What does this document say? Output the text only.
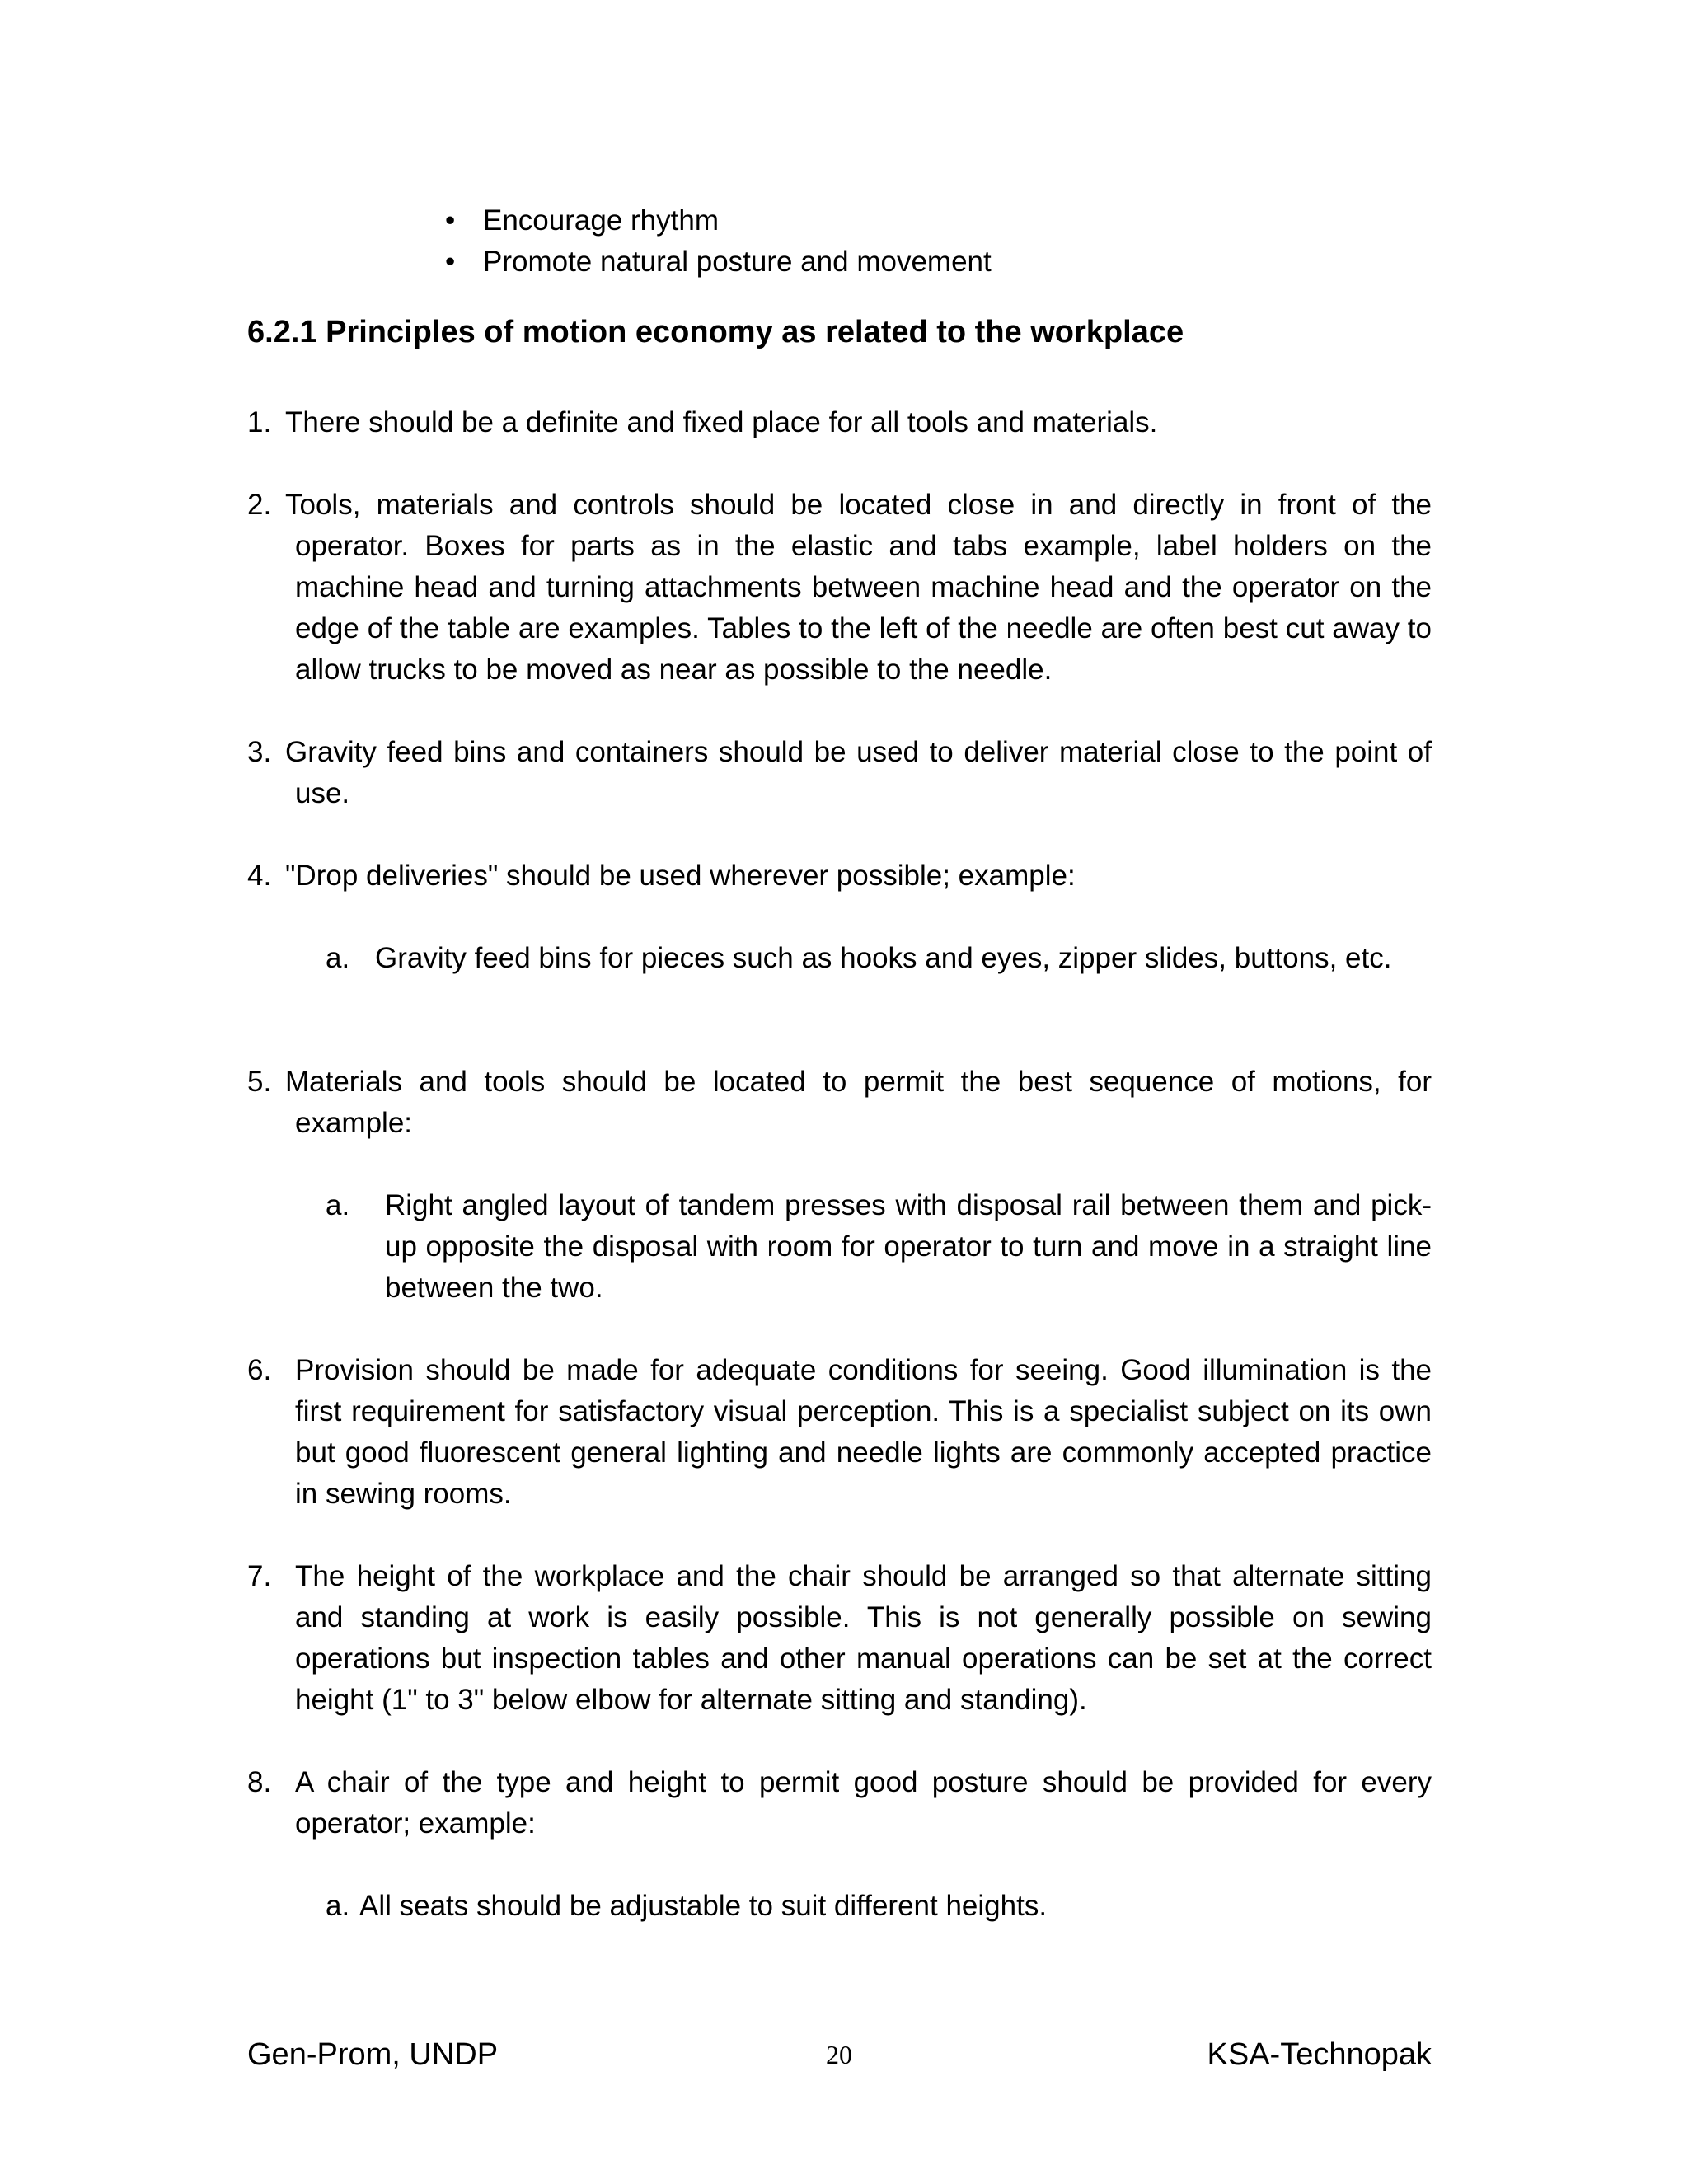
• Encourage rhythm
• Promote natural posture and movement
6.2.1 Principles of motion economy as related to the workplace
1. There should be a definite and fixed place for all tools and materials.
2. Tools, materials and controls should be located close in and directly in front of the operator. Boxes for parts as in the elastic and tabs example, label holders on the machine head and turning attachments between machine head and the operator on the edge of the table are examples. Tables to the left of the needle are often best cut away to allow trucks to be moved as near as possible to the needle.
3. Gravity feed bins and containers should be used to deliver material close to the point of use.
4. "Drop deliveries" should be used wherever possible; example:
a. Gravity feed bins for pieces such as hooks and eyes, zipper slides, buttons, etc.
5. Materials and tools should be located to permit the best sequence of motions, for example:
a. Right angled layout of tandem presses with disposal rail between them and pick-up opposite the disposal with room for operator to turn and move in a straight line between the two.
6. Provision should be made for adequate conditions for seeing. Good illumination is the first requirement for satisfactory visual perception. This is a specialist subject on its own but good fluorescent general lighting and needle lights are commonly accepted practice in sewing rooms.
7. The height of the workplace and the chair should be arranged so that alternate sitting and standing at work is easily possible. This is not generally possible on sewing operations but inspection tables and other manual operations can be set at the correct height (1" to 3" below elbow for alternate sitting and standing).
8. A chair of the type and height to permit good posture should be provided for every operator; example:
a. All seats should be adjustable to suit different heights.
Gen-Prom, UNDP	20	KSA-Technopak
